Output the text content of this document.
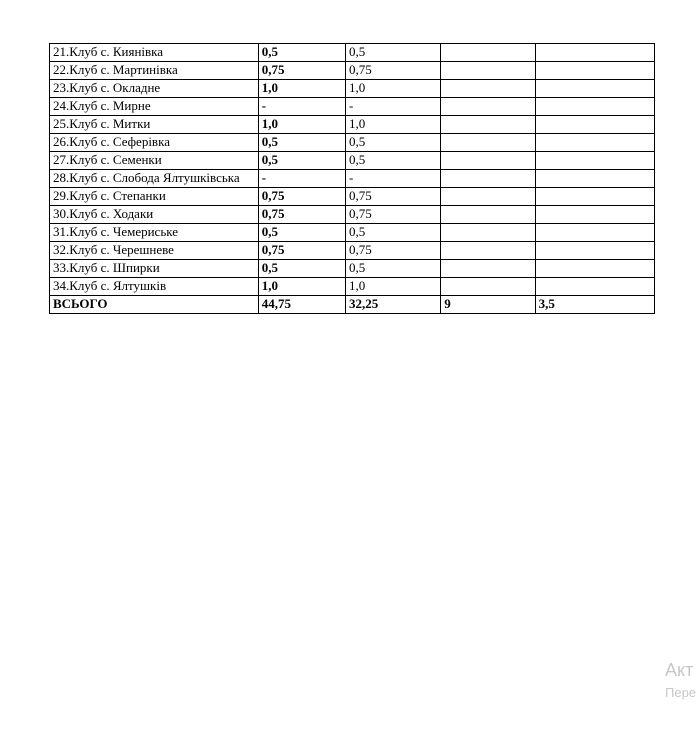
21.Клуб с. Киянівка	0,5	0,5		
22.Клуб с. Мартинівка	0,75	0,75		
23.Клуб с. Окладне	1,0	1,0		
24.Клуб с. Мирне	-	-		
25.Клуб с. Митки	1,0	1,0		
26.Клуб с. Сеферівка	0,5	0,5		
27.Клуб с. Семенки	0,5	0,5		
28.Клуб с. Слобода Ялтушківська	-	-		
29.Клуб с. Степанки	0,75	0,75		
30.Клуб с. Ходаки	0,75	0,75		
31.Клуб с. Чемериське	0,5	0,5		
32.Клуб с. Черешневе	0,75	0,75		
33.Клуб с. Шпирки	0,5	0,5		
34.Клуб с. Ялтушків	1,0	1,0		
ВСЬОГО	44,75	32,25	9	3,5
Акт
Пере
